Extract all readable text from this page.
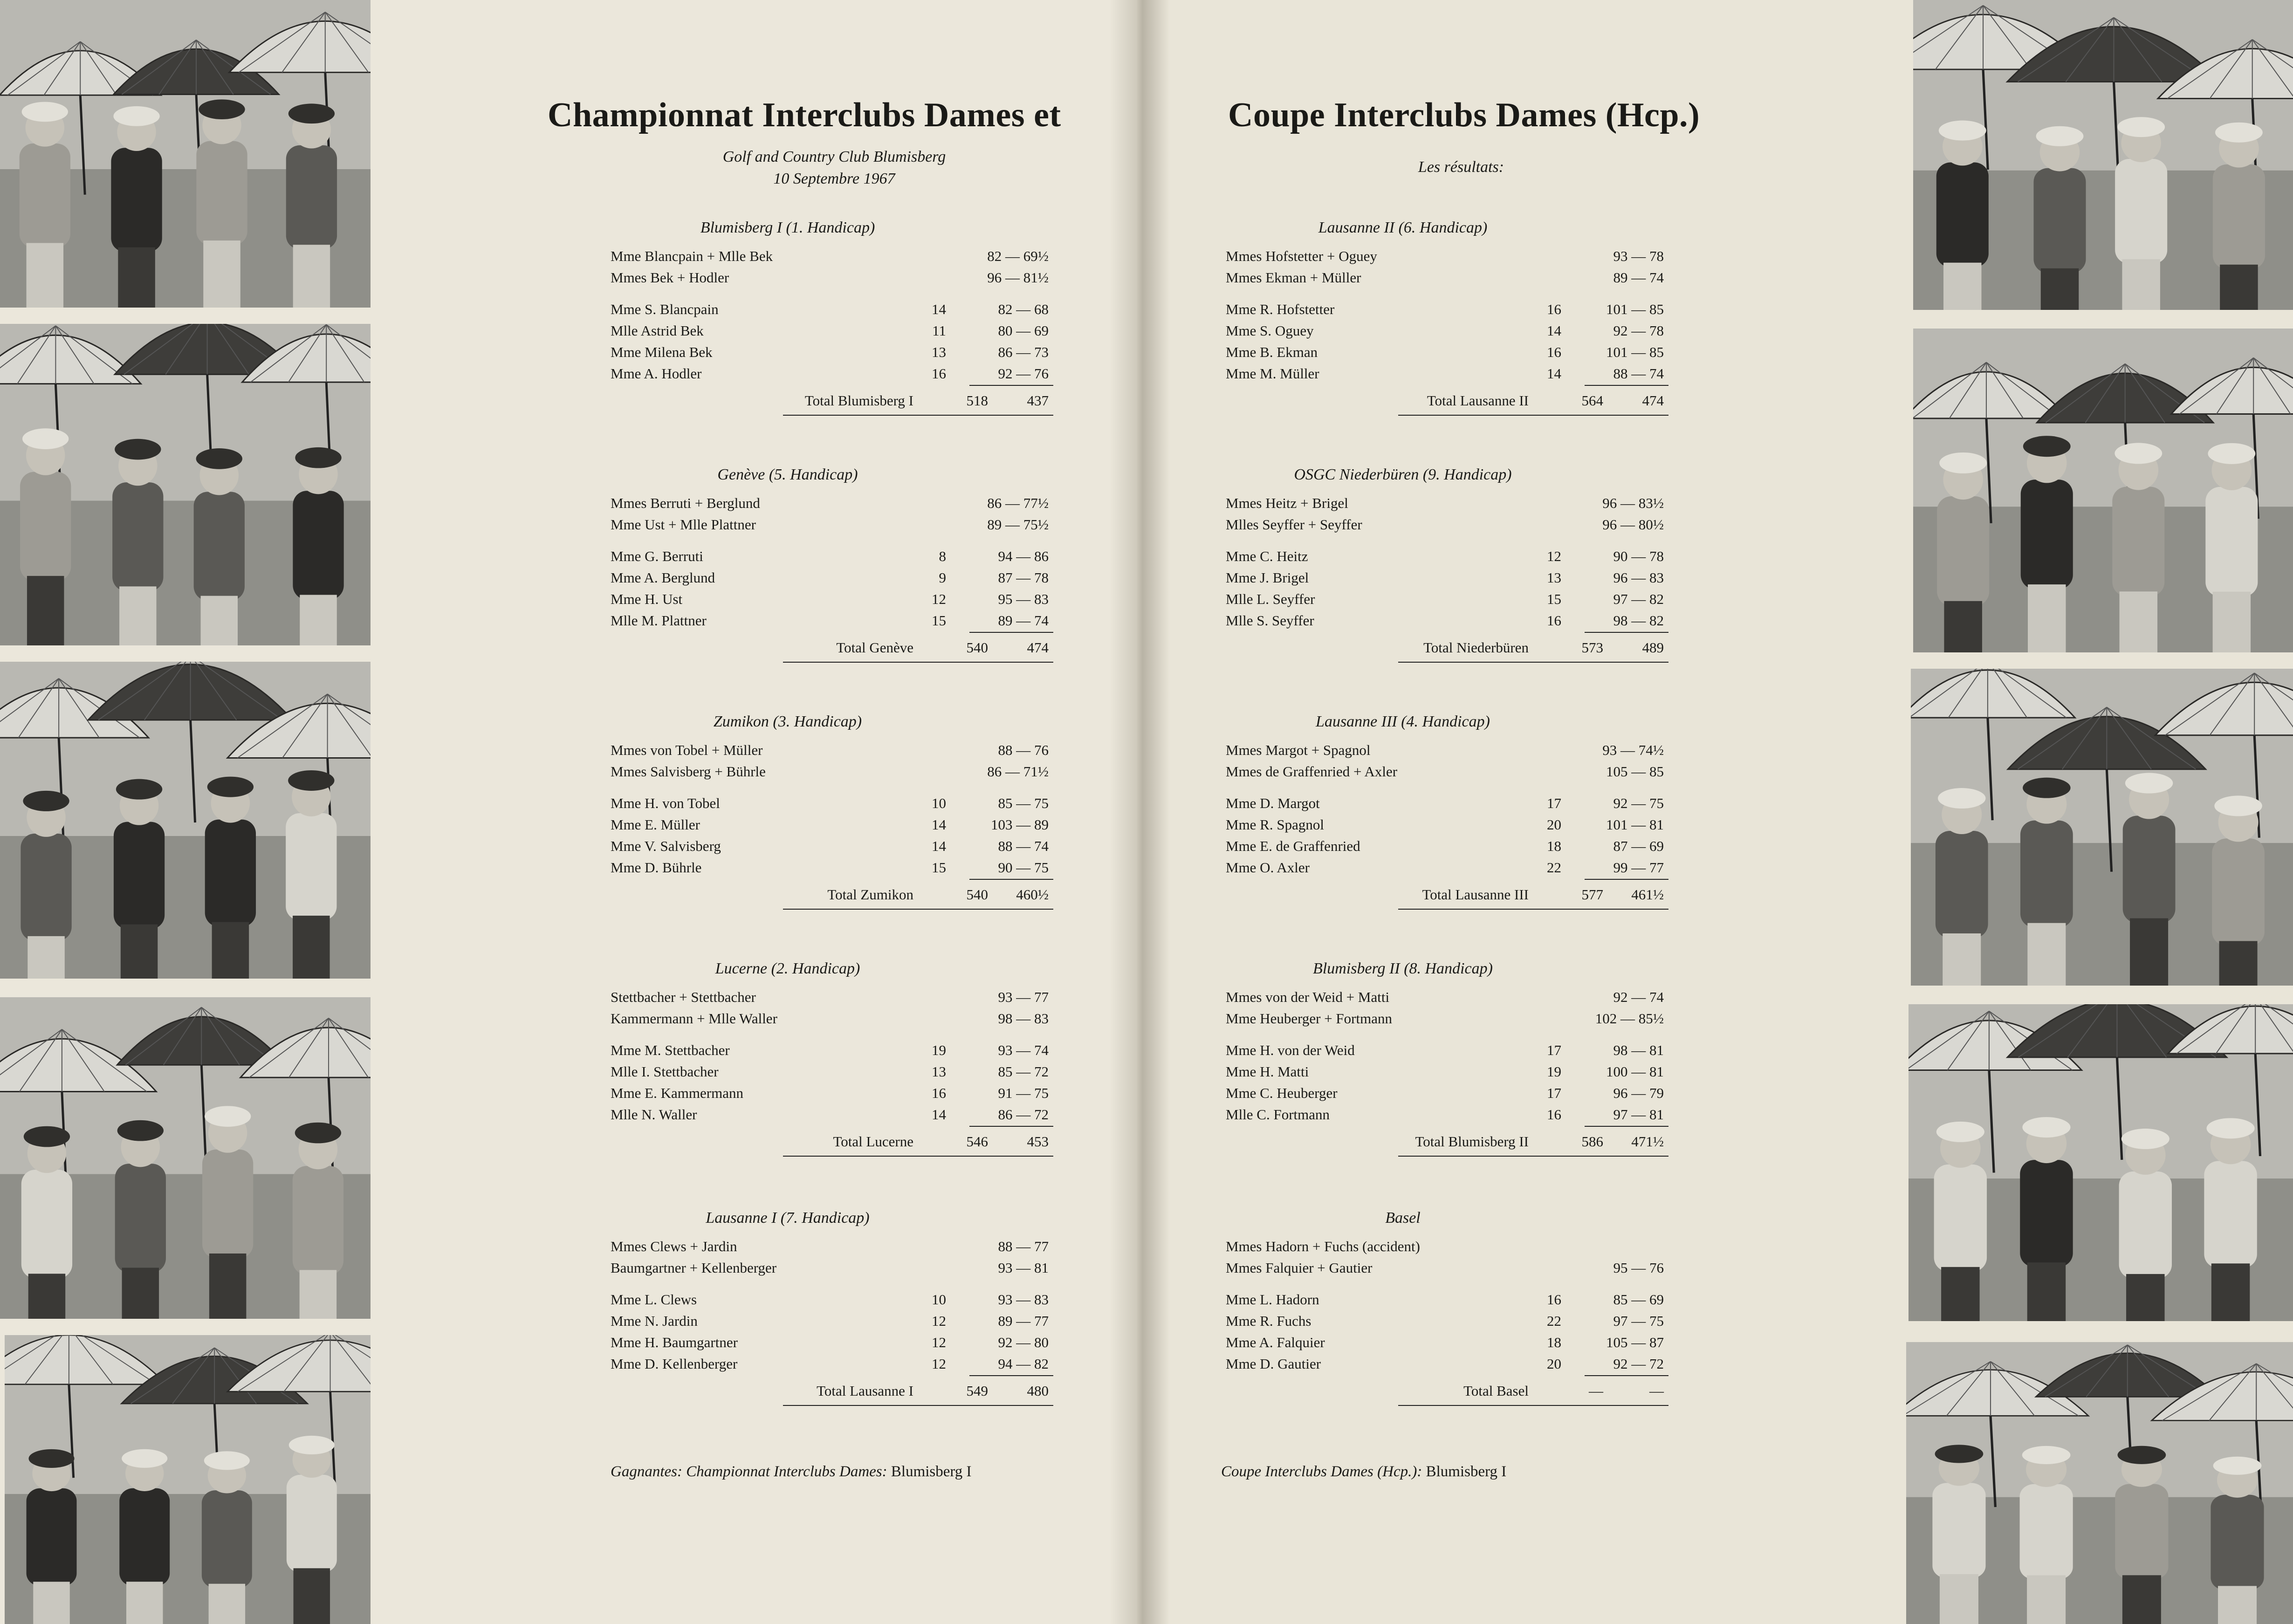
Championnat Interclubs Dames et
Golf and Country Club Blumisberg
10 Septembre 1967
Blumisberg I (1. Handicap)
Mme Blancpain + Mlle Bek	82 — 69½
Mmes Bek + Hodler	96 — 81½
Mme S. Blancpain	14	82 — 68
Mlle Astrid Bek	11	80 — 69
Mme Milena Bek	13	86 — 73
Mme A. Hodler	16	92 — 76
Total Blumisberg I	518	437
Genève (5. Handicap)
Mmes Berruti + Berglund	86 — 77½
Mme Ust + Mlle Plattner	89 — 75½
Mme G. Berruti	8	94 — 86
Mme A. Berglund	9	87 — 78
Mme H. Ust	12	95 — 83
Mlle M. Plattner	15	89 — 74
Total Genève	540	474
Zumikon (3. Handicap)
Mmes von Tobel + Müller	88 — 76
Mmes Salvisberg + Bührle	86 — 71½
Mme H. von Tobel	10	85 — 75
Mme E. Müller	14	103 — 89
Mme V. Salvisberg	14	88 — 74
Mme D. Bührle	15	90 — 75
Total Zumikon	540	460½
Lucerne (2. Handicap)
Stettbacher + Stettbacher	93 — 77
Kammermann + Mlle Waller	98 — 83
Mme M. Stettbacher	19	93 — 74
Mlle I. Stettbacher	13	85 — 72
Mme E. Kammermann	16	91 — 75
Mlle N. Waller	14	86 — 72
Total Lucerne	546	453
Lausanne I (7. Handicap)
Mmes Clews + Jardin	88 — 77
Baumgartner + Kellenberger	93 — 81
Mme L. Clews	10	93 — 83
Mme N. Jardin	12	89 — 77
Mme H. Baumgartner	12	92 — 80
Mme D. Kellenberger	12	94 — 82
Total Lausanne I	549	480
Gagnantes: Championnat Interclubs Dames: Blumisberg I
Coupe Interclubs Dames (Hcp.)
Les résultats:
Lausanne II (6. Handicap)
Mmes Hofstetter + Oguey	93 — 78
Mmes Ekman + Müller	89 — 74
Mme R. Hofstetter	16	101 — 85
Mme S. Oguey	14	92 — 78
Mme B. Ekman	16	101 — 85
Mme M. Müller	14	88 — 74
Total Lausanne II	564	474
OSGC Niederbüren (9. Handicap)
Mmes Heitz + Brigel	96 — 83½
Mlles Seyffer + Seyffer	96 — 80½
Mme C. Heitz	12	90 — 78
Mme J. Brigel	13	96 — 83
Mlle L. Seyffer	15	97 — 82
Mlle S. Seyffer	16	98 — 82
Total Niederbüren	573	489
Lausanne III (4. Handicap)
Mmes Margot + Spagnol	93 — 74½
Mmes de Graffenried + Axler	105 — 85
Mme D. Margot	17	92 — 75
Mme R. Spagnol	20	101 — 81
Mme E. de Graffenried	18	87 — 69
Mme O. Axler	22	99 — 77
Total Lausanne III	577	461½
Blumisberg II (8. Handicap)
Mmes von der Weid + Matti	92 — 74
Mme Heuberger + Fortmann	102 — 85½
Mme H. von der Weid	17	98 — 81
Mme H. Matti	19	100 — 81
Mme C. Heuberger	17	96 — 79
Mlle C. Fortmann	16	97 — 81
Total Blumisberg II	586	471½
Basel
Mmes Hadorn + Fuchs (accident)
Mmes Falquier + Gautier	95 — 76
Mme L. Hadorn	16	85 — 69
Mme R. Fuchs	22	97 — 75
Mme A. Falquier	18	105 — 87
Mme D. Gautier	20	92 — 72
Total Basel	—	—
Coupe Interclubs Dames (Hcp.): Blumisberg I
